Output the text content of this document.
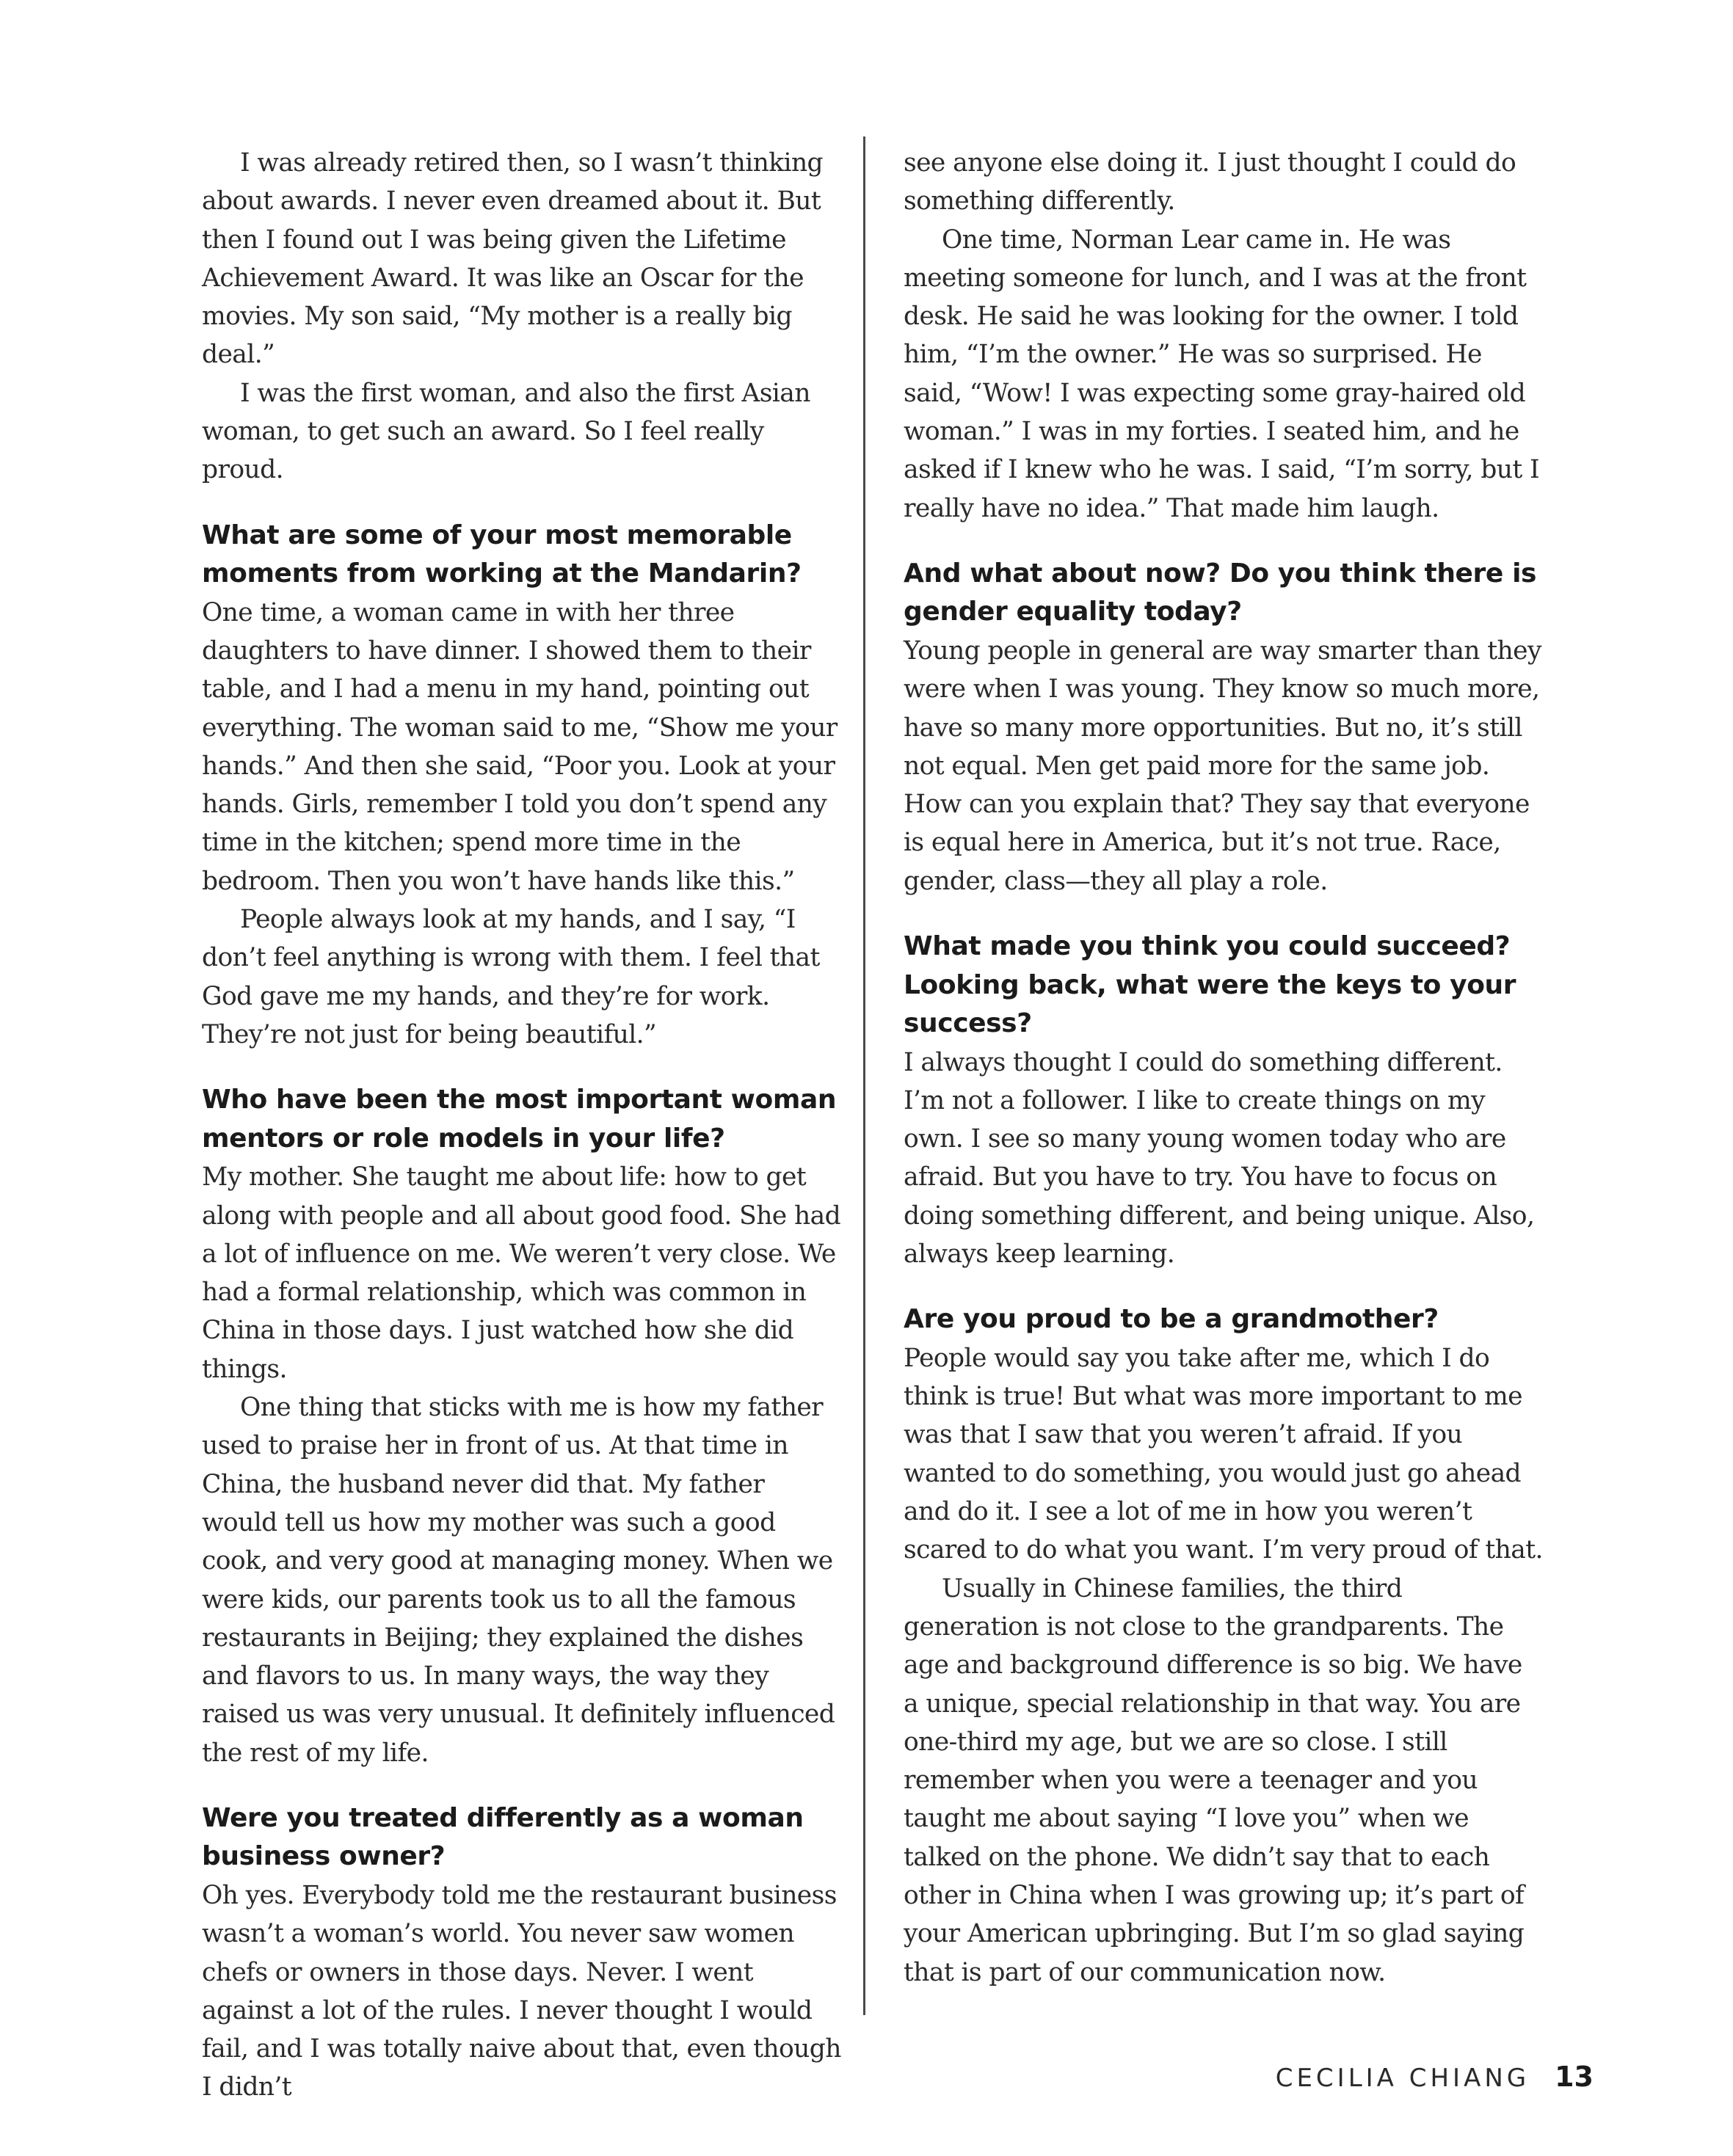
I was already retired then, so I wasn’t thinking about awards. I never even dreamed about it. But then I found out I was being given the Lifetime Achievement Award. It was like an Oscar for the movies. My son said, “My mother is a really big deal.”

I was the first woman, and also the first Asian woman, to get such an award. So I feel really proud.

What are some of your most memorable moments from working at the Mandarin?

One time, a woman came in with her three daughters to have dinner. I showed them to their table, and I had a menu in my hand, pointing out everything. The woman said to me, “Show me your hands.” And then she said, “Poor you. Look at your hands. Girls, remember I told you don’t spend any time in the kitchen; spend more time in the bedroom. Then you won’t have hands like this.”

People always look at my hands, and I say, “I don’t feel anything is wrong with them. I feel that God gave me my hands, and they’re for work. They’re not just for being beautiful.”

Who have been the most important woman mentors or role models in your life?

My mother. She taught me about life: how to get along with people and all about good food. She had a lot of influence on me. We weren’t very close. We had a formal relationship, which was common in China in those days. I just watched how she did things.

One thing that sticks with me is how my father used to praise her in front of us. At that time in China, the husband never did that. My father would tell us how my mother was such a good cook, and very good at managing money. When we were kids, our parents took us to all the famous restaurants in Beijing; they explained the dishes and flavors to us. In many ways, the way they raised us was very unusual. It definitely influenced the rest of my life.

Were you treated differently as a woman business owner?

Oh yes. Everybody told me the restaurant business wasn’t a woman’s world. You never saw women chefs or owners in those days. Never. I went against a lot of the rules. I never thought I would fail, and I was totally naive about that, even though I didn’t

see anyone else doing it. I just thought I could do something differently.

One time, Norman Lear came in. He was meeting someone for lunch, and I was at the front desk. He said he was looking for the owner. I told him, “I’m the owner.” He was so surprised. He said, “Wow! I was expecting some gray-haired old woman.” I was in my forties. I seated him, and he asked if I knew who he was. I said, “I’m sorry, but I really have no idea.” That made him laugh.

And what about now? Do you think there is gender equality today?

Young people in general are way smarter than they were when I was young. They know so much more, have so many more opportunities. But no, it’s still not equal. Men get paid more for the same job. How can you explain that? They say that everyone is equal here in America, but it’s not true. Race, gender, class—they all play a role.

What made you think you could succeed? Looking back, what were the keys to your success?

I always thought I could do something different. I’m not a follower. I like to create things on my own. I see so many young women today who are afraid. But you have to try. You have to focus on doing something different, and being unique. Also, always keep learning.

Are you proud to be a grandmother?

People would say you take after me, which I do think is true! But what was more important to me was that I saw that you weren’t afraid. If you wanted to do something, you would just go ahead and do it. I see a lot of me in how you weren’t scared to do what you want. I’m very proud of that.

Usually in Chinese families, the third generation is not close to the grandparents. The age and background difference is so big. We have a unique, special relationship in that way. You are one-third my age, but we are so close. I still remember when you were a teenager and you taught me about saying “I love you” when we talked on the phone. We didn’t say that to each other in China when I was growing up; it’s part of your American upbringing. But I’m so glad saying that is part of our communication now.

CECILIA CHIANG 13
